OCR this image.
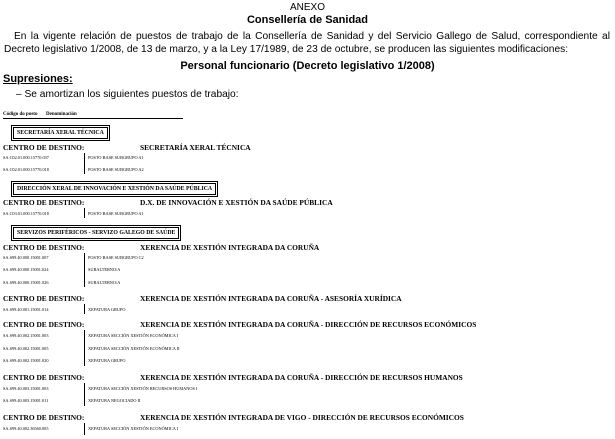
ANEXO
Consellería de Sanidad
En la vigente relación de puestos de trabajo de la Consellería de Sanidad y del Servicio Gallego de Salud, correspondiente al Decreto legislativo 1/2008, de 13 de marzo, y a la Ley 17/1989, de 23 de octubre, se producen las siguientes modificaciones:
Personal funcionario (Decreto legislativo 1/2008)
Supresiones:
– Se amortizan los siguientes puestos de trabajo:
Código do posto Denominación
SECRETARÍA XERAL TÉCNICA
CENTRO DE DESTINO:	SECRETARÍA XERAL TÉCNICA
SA.C02.01.000.15770.037	POSTO BASE SUBGRUPO A1
SA.C02.01.000.15770.018	POSTO BASE SUBGRUPO A2
DIRECCIÓN XERAL DE INNOVACIÓN E XESTIÓN DA SAÚDE PÚBLICA
CENTRO DE DESTINO:	D.X. DE INNOVACIÓN E XESTIÓN DA SAÚDE PÚBLICA
SA.C03.01.000.15770.018	POSTO BASE SUBGRUPO A1
SERVIZOS PERIFÉRICOS - SERVIZO GALEGO DE SAÚDE
CENTRO DE DESTINO:	XERENCIA DE XESTIÓN INTEGRADA DA CORUÑA
SA.S99.40.000.15001.007	POSTO BASE SUBGRUPO C2
SA.S99.40.000.15001.024	SUBALTERNO/A
SA.S99.40.000.15001.026	SUBALTERNO/A
CENTRO DE DESTINO:	XERENCIA DE XESTIÓN INTEGRADA DA CORUÑA - ASESORÍA XURÍDICA
SA.S99.40.001.15001.014	XEFATURA GRUPO
CENTRO DE DESTINO:	XERENCIA DE XESTIÓN INTEGRADA DA CORUÑA - DIRECCIÓN DE RECURSOS ECONÓMICOS
SA.S99.40.002.15001.003	XEFATURA SECCIÓN XESTIÓN ECONÓMICA I
SA.S99.40.002.15001.005	XEFATURA SECCIÓN XESTIÓN ECONÓMICA II
SA.S99.40.002.15001.020	XEFATURA GRUPO
CENTRO DE DESTINO:	XERENCIA DE XESTIÓN INTEGRADA DA CORUÑA - DIRECCIÓN DE RECURSOS HUMANOS
SA.S99.40.003.15001.003	XEFATURA SECCIÓN XESTIÓN RECURSOS HUMANOS I
SA.S99.40.003.15001.011	XEFATURA NEGOCIADO II
CENTRO DE DESTINO:	XERENCIA DE XESTIÓN INTEGRADA DE VIGO - DIRECCIÓN DE RECURSOS ECONÓMICOS
SA.S99.40.002.36560.005	XEFATURA SECCIÓN XESTIÓN ECONÓMICA I
